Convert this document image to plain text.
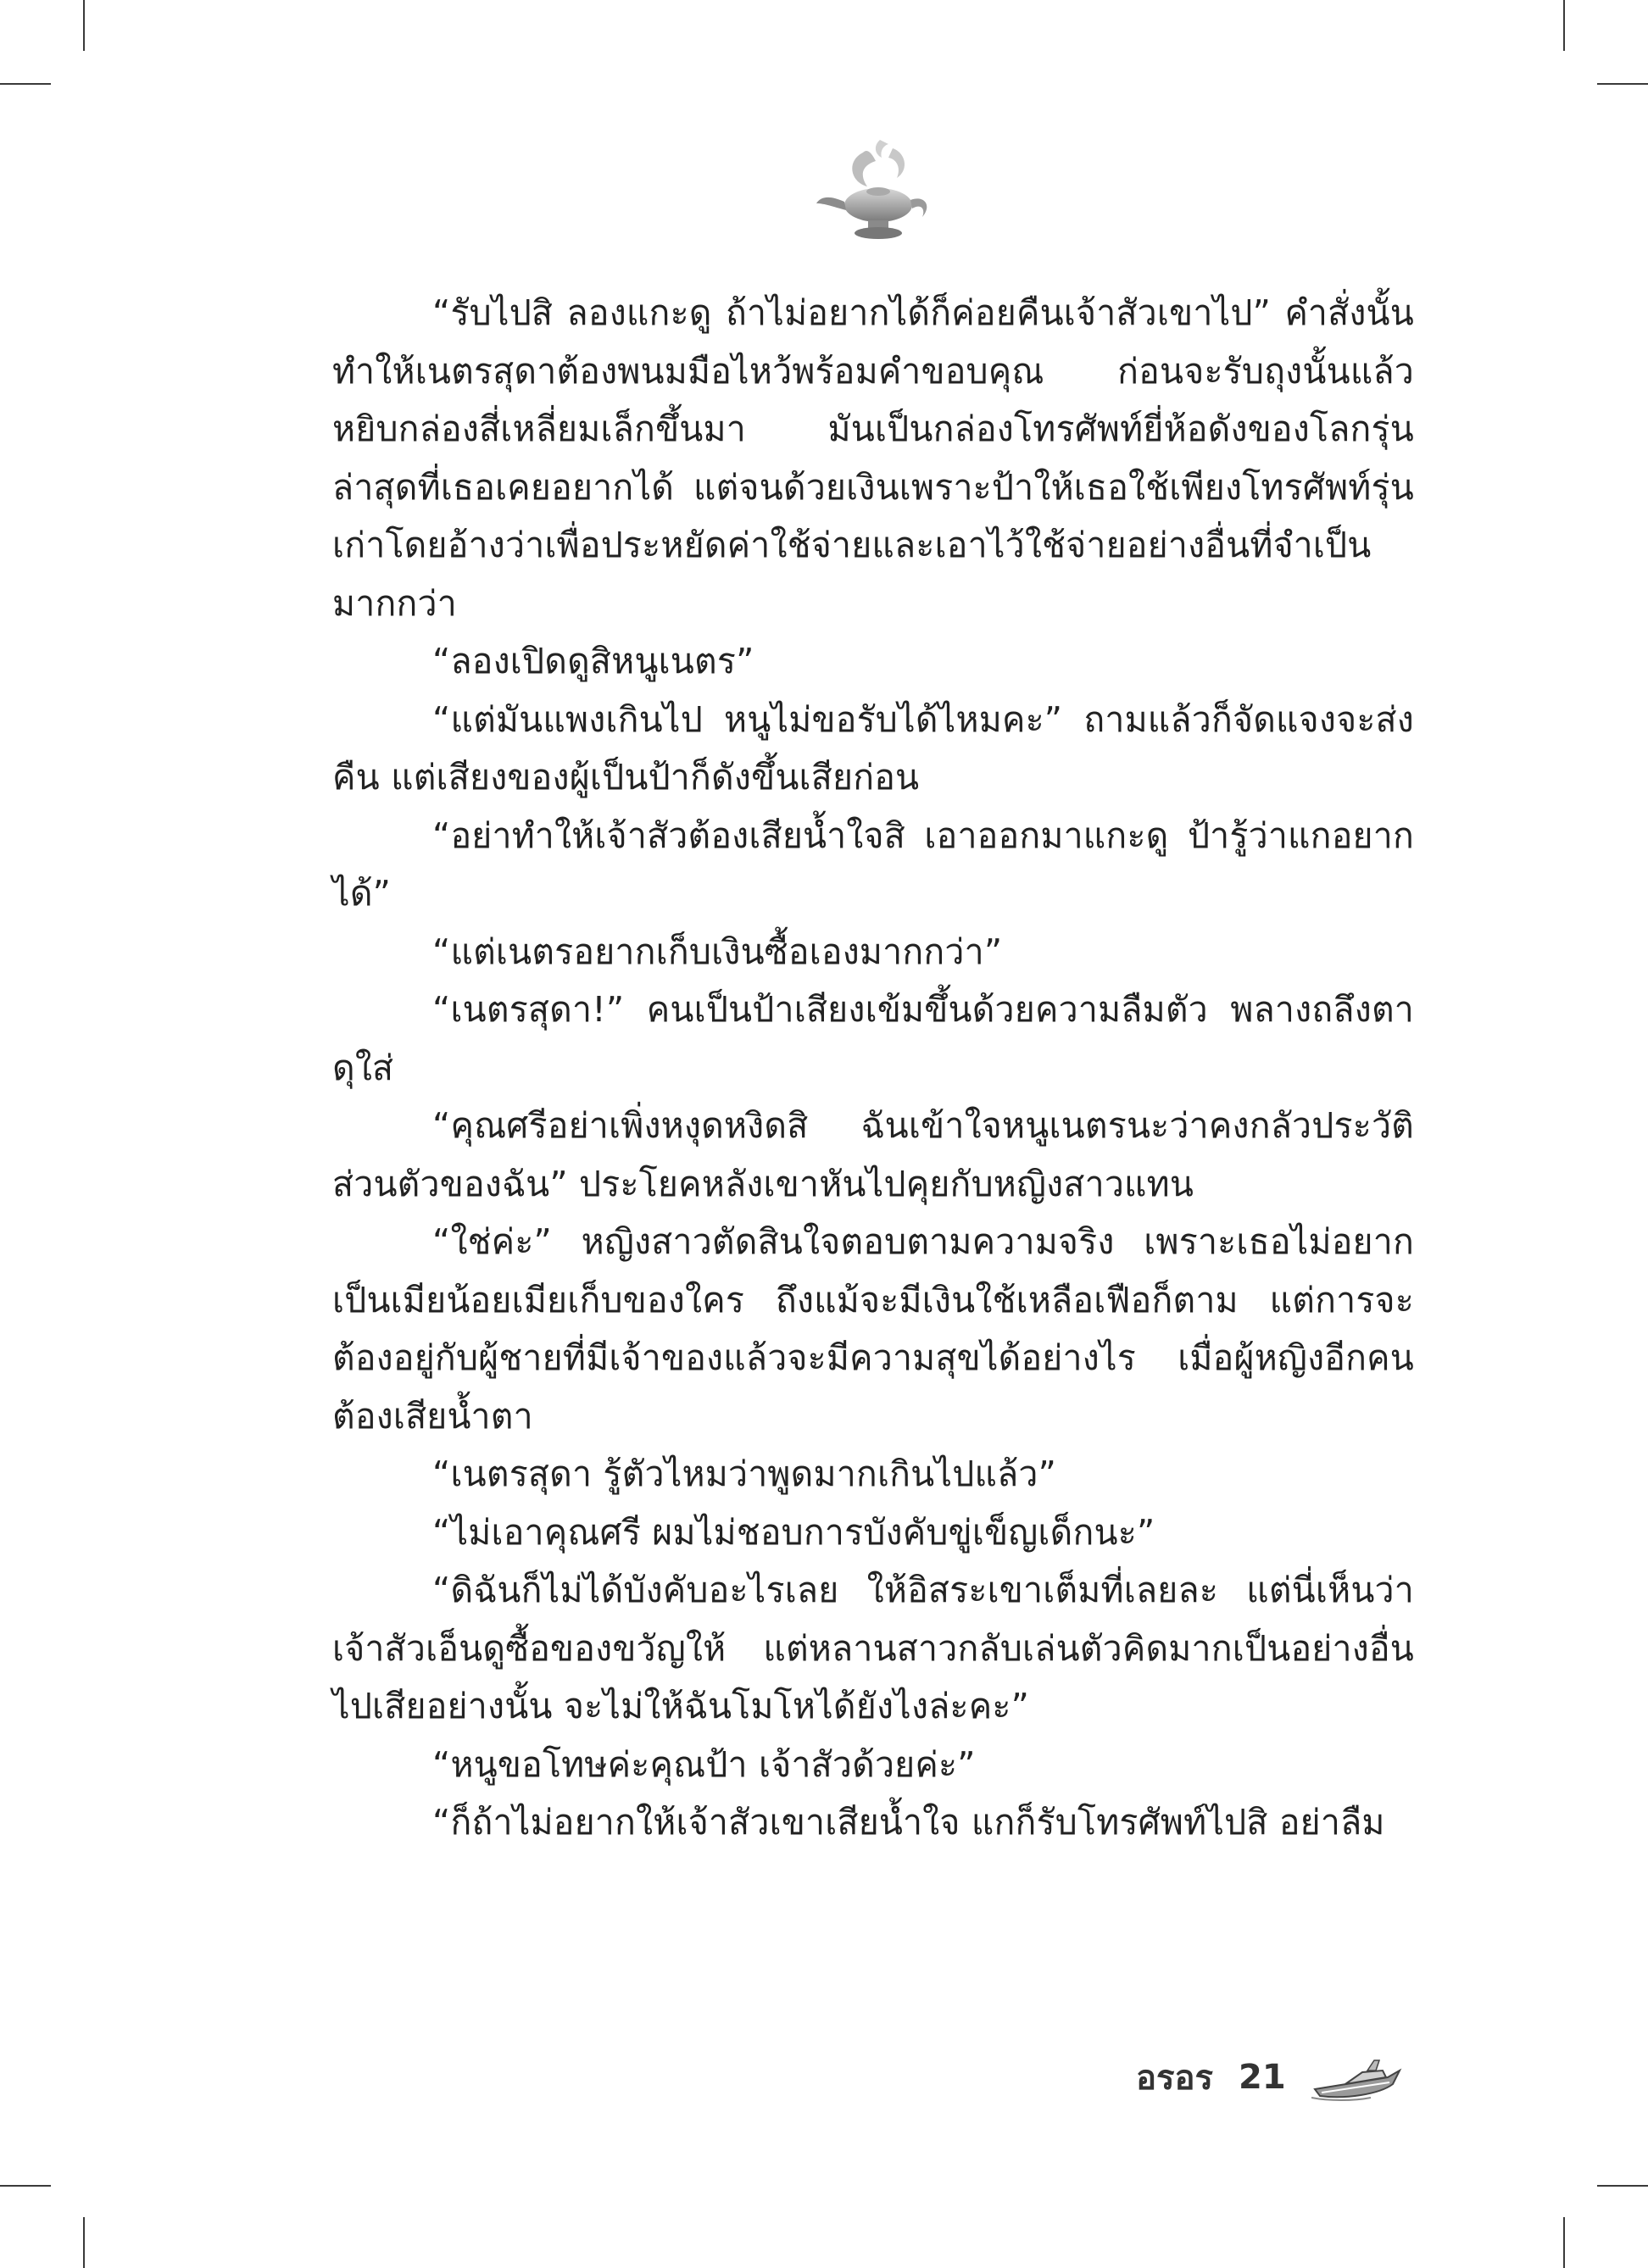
“รับไปสิ ลองแกะดู ถ้าไม่อยากได้ก็ค่อยคืนเจ้าสัวเขาไป” คำสั่งนั้นทำให้เนตรสุดาต้องพนมมือไหว้พร้อมคำขอบคุณ ก่อนจะรับถุงนั้นแล้วหยิบกล่องสี่เหลี่ยมเล็กขึ้นมา มันเป็นกล่องโทรศัพท์ยี่ห้อดังของโลกรุ่นล่าสุดที่เธอเคยอยากได้ แต่จนด้วยเงินเพราะป้าให้เธอใช้เพียงโทรศัพท์รุ่นเก่าโดยอ้างว่าเพื่อประหยัดค่าใช้จ่ายและเอาไว้ใช้จ่ายอย่างอื่นที่จำเป็นมากกว่า

“ลองเปิดดูสิหนูเนตร”

“แต่มันแพงเกินไป หนูไม่ขอรับได้ไหมคะ” ถามแล้วก็จัดแจงจะส่งคืน แต่เสียงของผู้เป็นป้าก็ดังขึ้นเสียก่อน

“อย่าทำให้เจ้าสัวต้องเสียน้ำใจสิ เอาออกมาแกะดู ป้ารู้ว่าแกอยากได้”

“แต่เนตรอยากเก็บเงินซื้อเองมากกว่า”

“เนตรสุดา!” คนเป็นป้าเสียงเข้มขึ้นด้วยความลืมตัว พลางถลึงตาดุใส่

“คุณศรีอย่าเพิ่งหงุดหงิดสิ ฉันเข้าใจหนูเนตรนะว่าคงกลัวประวัติส่วนตัวของฉัน” ประโยคหลังเขาหันไปคุยกับหญิงสาวแทน

“ใช่ค่ะ” หญิงสาวตัดสินใจตอบตามความจริง เพราะเธอไม่อยากเป็นเมียน้อยเมียเก็บของใคร ถึงแม้จะมีเงินใช้เหลือเฟือก็ตาม แต่การจะต้องอยู่กับผู้ชายที่มีเจ้าของแล้วจะมีความสุขได้อย่างไร เมื่อผู้หญิงอีกคนต้องเสียน้ำตา

“เนตรสุดา รู้ตัวไหมว่าพูดมากเกินไปแล้ว”

“ไม่เอาคุณศรี ผมไม่ชอบการบังคับขู่เข็ญเด็กนะ”

“ดิฉันก็ไม่ได้บังคับอะไรเลย ให้อิสระเขาเต็มที่เลยละ แต่นี่เห็นว่าเจ้าสัวเอ็นดูซื้อของขวัญให้ แต่หลานสาวกลับเล่นตัวคิดมากเป็นอย่างอื่นไปเสียอย่างนั้น จะไม่ให้ฉันโมโหได้ยังไงล่ะคะ”

“หนูขอโทษค่ะคุณป้า เจ้าสัวด้วยค่ะ”

“ก็ถ้าไม่อยากให้เจ้าสัวเขาเสียน้ำใจ แกก็รับโทรศัพท์ไปสิ อย่าลืม

อรอร 21
